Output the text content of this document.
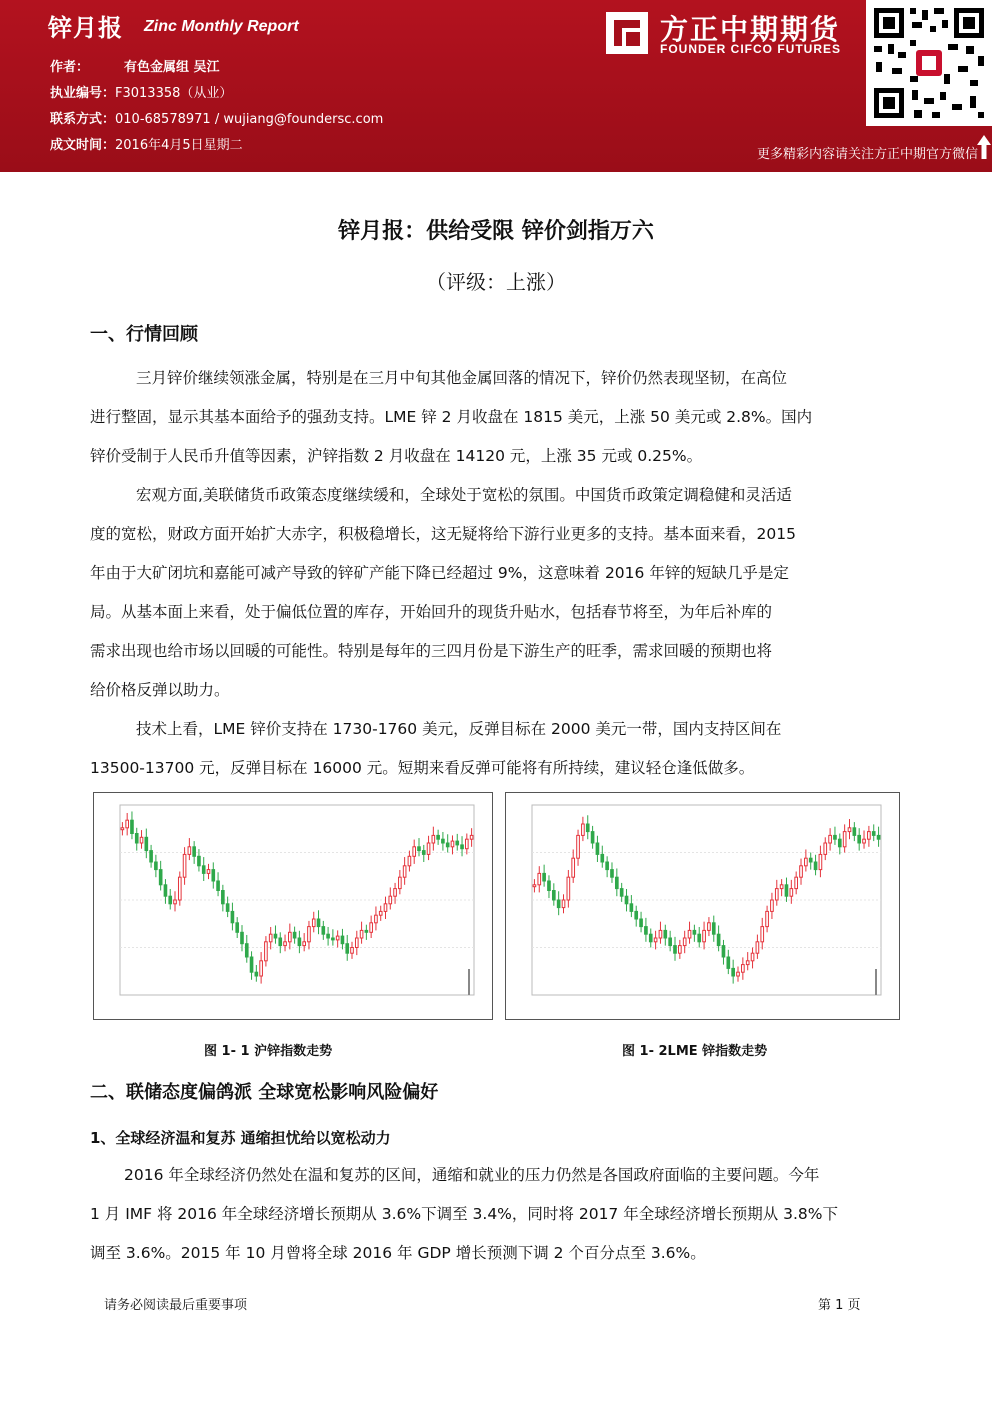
锌月报 Zinc Monthly Report
作者：	有色金属组 吴江
执业编号：F3013358（从业）
联系方式：010-68578971 / wujiang@foundersc.com
成文时间：2016年4月5日星期二
方正中期期货
FOUNDER CIFCO FUTURES
更多精彩内容请关注方正中期官方微信
锌月报：供给受限 锌价剑指万六
（评级：上涨）
一、行情回顾
三月锌价继续领涨金属，特别是在三月中旬其他金属回落的情况下，锌价仍然表现坚韧，在高位
进行整固，显示其基本面给予的强劲支持。LME 锌 2 月收盘在 1815 美元，上涨 50 美元或 2.8%。国内
锌价受制于人民币升值等因素，沪锌指数 2 月收盘在 14120 元，上涨 35 元或 0.25%。
宏观方面,美联储货币政策态度继续缓和，全球处于宽松的氛围。中国货币政策定调稳健和灵活适
度的宽松，财政方面开始扩大赤字，积极稳增长，这无疑将给下游行业更多的支持。基本面来看，2015
年由于大矿闭坑和嘉能可减产导致的锌矿产能下降已经超过 9%，这意味着 2016 年锌的短缺几乎是定
局。从基本面上来看，处于偏低位置的库存，开始回升的现货升贴水，包括春节将至，为年后补库的
需求出现也给市场以回暖的可能性。特别是每年的三四月份是下游生产的旺季，需求回暖的预期也将
给价格反弹以助力。
技术上看，LME 锌价支持在 1730-1760 美元，反弹目标在 2000 美元一带，国内支持区间在
13500-13700 元，反弹目标在 16000 元。短期来看反弹可能将有所持续，建议轻仓逢低做多。
图 1- 1 沪锌指数走势	图 1- 2LME 锌指数走势
二、联储态度偏鸽派 全球宽松影响风险偏好
1、全球经济温和复苏 通缩担忧给以宽松动力
2016 年全球经济仍然处在温和复苏的区间，通缩和就业的压力仍然是各国政府面临的主要问题。今年
1 月 IMF 将 2016 年全球经济增长预期从 3.6%下调至 3.4%，同时将 2017 年全球经济增长预期从 3.8%下
调至 3.6%。2015 年 10 月曾将全球 2016 年 GDP 增长预测下调 2 个百分点至 3.6%。
请务必阅读最后重要事项	第 1 页
